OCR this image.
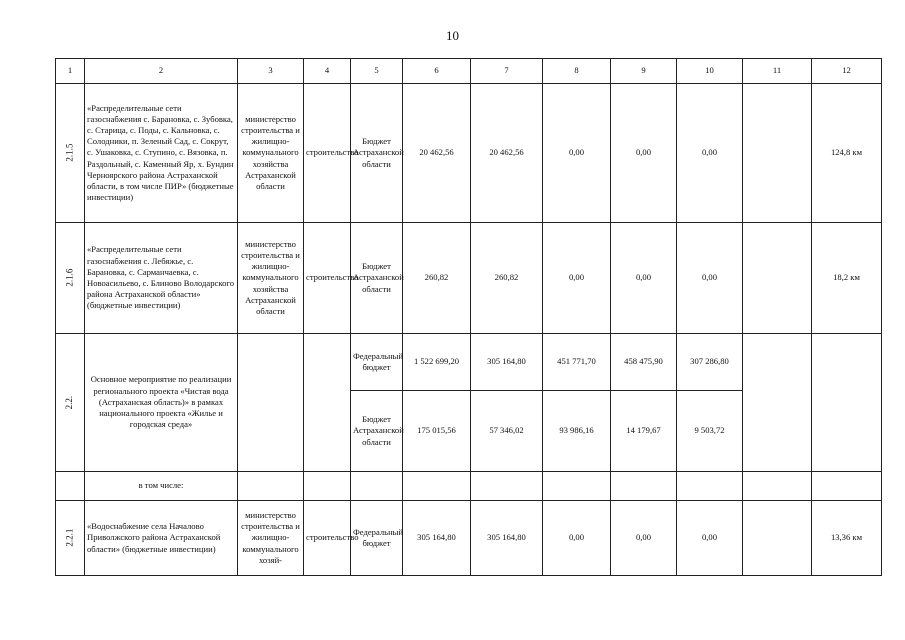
10
1	2	3	4	5	6	7	8	9	10	11	12
2.1.5	«Распределительные сети газоснабжения с. Барановка, с. Зубовка, с. Старица, с. Поды, с. Кальновка, с. Солодники, п. Зеленый Сад, с. Сокрут, с. Ушаковка, с. Ступино, с. Вязовка, п. Раздольный, с. Каменный Яр, х. Бундин Черноярского района Астраханской области, в том числе ПИР» (бюджетные инвестиции)	министерство строительства и жилищно-коммунального хозяйства Астраханской области	строительство	Бюджет Астраханской области	20 462,56	20 462,56	0,00	0,00	0,00		124,8 км
2.1.6	«Распределительные сети газоснабжения с. Лебяжье, с. Барановка, с. Сарманчаевка, с. Новоасильево, с. Блиново Володарского района Астраханской области» (бюджетные инвестиции)	министерство строительства и жилищно-коммунального хозяйства Астраханской области	строительство	Бюджет Астраханской области	260,82	260,82	0,00	0,00	0,00		18,2 км
2.2.	Основное мероприятие по реализации регионального проекта «Чистая вода (Астраханская область)» в рамках национального проекта «Жилье и городская среда»			Федеральный бюджет	1 522 699,20	305 164,80	451 771,70	458 475,90	307 286,80		
				Бюджет Астраханской области	175 015,56	57 346,02	93 986,16	14 179,67	9 503,72		
	в том числе:										
2.2.1	«Водоснабжение села Началово Приволжского района Астраханской области» (бюджетные инвестиции)	министерство строительства и жилищно-коммунального хозяй-	строительство	Федеральный бюджет	305 164,80	305 164,80	0,00	0,00	0,00		13,36 км
